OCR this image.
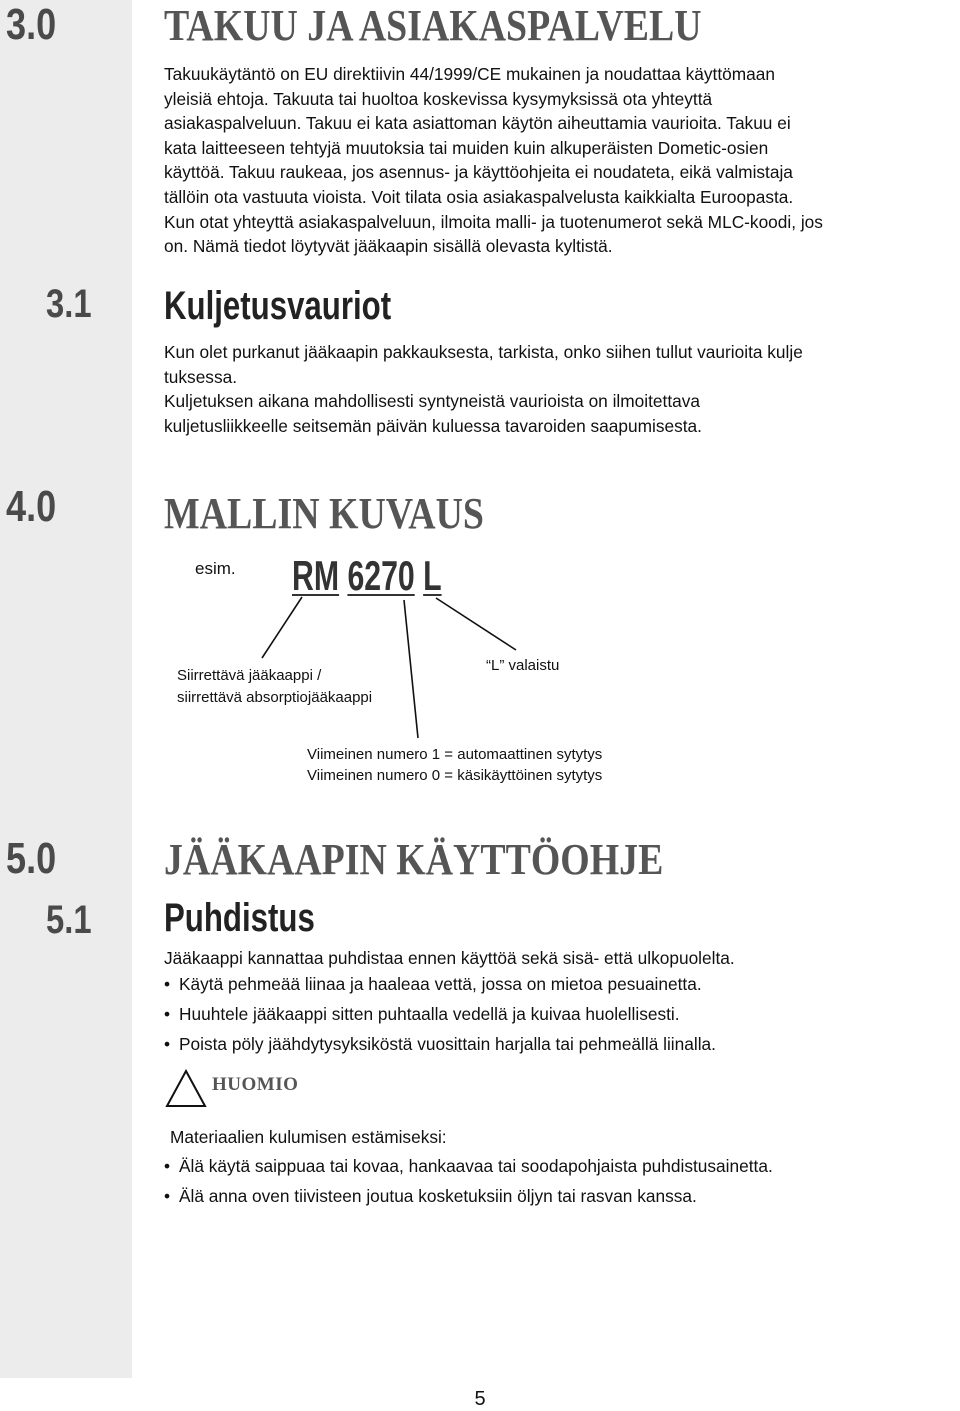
3.0	TAKUU JA ASIAKASPALVELU
Takuukäytäntö on EU direktiivin 44/1999/CE mukainen ja noudattaa käyttömaan
yleisiä ehtoja. Takuuta tai huoltoa koskevissa kysymyksissä ota yhteyttä
asiakaspalveluun. Takuu ei kata asiattoman käytön aiheuttamia vaurioita. Takuu ei
kata laitteeseen tehtyjä muutoksia tai muiden kuin alkuperäisten Dometic-osien
käyttöä. Takuu raukeaa, jos asennus- ja käyttöohjeita ei noudateta, eikä valmistaja
tällöin ota vastuuta vioista. Voit tilata osia asiakaspalvelusta kaikkialta Euroopasta.
Kun otat yhteyttä asiakaspalveluun, ilmoita malli- ja tuotenumerot sekä MLC-koodi, jos
on. Nämä tiedot löytyvät jääkaapin sisällä olevasta kyltistä.
3.1	Kuljetusvauriot
Kun olet purkanut jääkaapin pakkauksesta, tarkista, onko siihen tullut vaurioita kulje
tuksessa.
Kuljetuksen aikana mahdollisesti syntyneistä vaurioista on ilmoitettava
kuljetusliikkeelle seitsemän päivän kuluessa tavaroiden saapumisesta.
4.0	MALLIN KUVAUS
esim. RM 6270 L
Siirrettävä jääkaappi /
siirrettävä absorptiojääkaappi
“L” valaistu
Viimeinen numero 1 = automaattinen sytytys
Viimeinen numero 0 = käsikäyttöinen sytytys
5.0	JÄÄKAAPIN KÄYTTÖOHJE
5.1	Puhdistus
Jääkaappi kannattaa puhdistaa ennen käyttöä sekä sisä- että ulkopuolelta.
• Käytä pehmeää liinaa ja haaleaa vettä, jossa on mietoa pesuainetta.
• Huuhtele jääkaappi sitten puhtaalla vedellä ja kuivaa huolellisesti.
• Poista pöly jäähdytysyksiköstä vuosittain harjalla tai pehmeällä liinalla.
HUOMIO
Materiaalien kulumisen estämiseksi:
• Älä käytä saippuaa tai kovaa, hankaavaa tai soodapohjaista puhdistusainetta.
• Älä anna oven tiivisteen joutua kosketuksiin öljyn tai rasvan kanssa.
5
